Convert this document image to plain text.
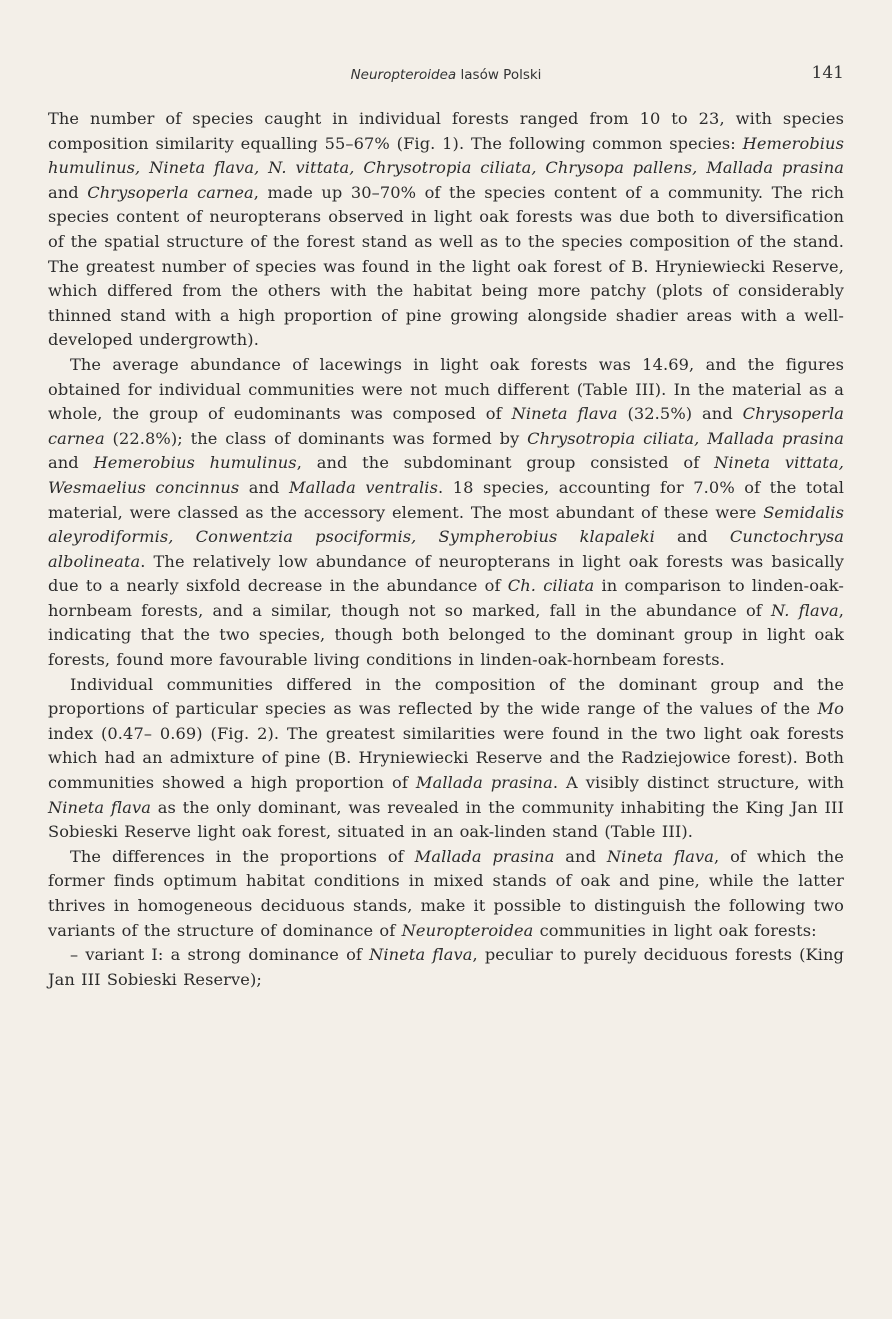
Neuropteroidea lasów Polski	141

The number of species caught in individual forests ranged from 10 to 23, with species composition similarity equalling 55–67% (Fig. 1). The following common species: Hemerobius humulinus, Nineta flava, N. vittata, Chrysotropia ciliata, Chrysopa pallens, Mallada prasina and Chrysoperla carnea, made up 30–70% of the species content of a community. The rich species content of neuropterans observed in light oak forests was due both to diversification of the spatial structure of the forest stand as well as to the species composition of the stand. The greatest number of species was found in the light oak forest of B. Hryniewiecki Reserve, which differed from the others with the habitat being more patchy (plots of considerably thinned stand with a high proportion of pine growing alongside shadier areas with a well-developed undergrowth).

The average abundance of lacewings in light oak forests was 14.69, and the figures obtained for individual communities were not much different (Table III). In the material as a whole, the group of eudominants was composed of Nineta flava (32.5%) and Chrysoperla carnea (22.8%); the class of dominants was formed by Chrysotropia ciliata, Mallada prasina and Hemerobius humulinus, and the subdominant group consisted of Nineta vittata, Wesmaelius concinnus and Mallada ventralis. 18 species, accounting for 7.0% of the total material, were classed as the accessory element. The most abundant of these were Semidalis aleyrodiformis, Conwentzia psociformis, Sympherobius klapaleki and Cunctochrysa albolineata. The relatively low abundance of neuropterans in light oak forests was basically due to a nearly sixfold decrease in the abundance of Ch. ciliata in comparison to linden-oak-hornbeam forests, and a similar, though not so marked, fall in the abundance of N. flava, indicating that the two species, though both belonged to the dominant group in light oak forests, found more favourable living conditions in linden-oak-hornbeam forests.

Individual communities differed in the composition of the dominant group and the proportions of particular species as was reflected by the wide range of the values of the Mo index (0.47– 0.69) (Fig. 2). The greatest similarities were found in the two light oak forests which had an admixture of pine (B. Hryniewiecki Reserve and the Radziejowice forest). Both communities showed a high proportion of Mallada prasina. A visibly distinct structure, with Nineta flava as the only dominant, was revealed in the community inhabiting the King Jan III Sobieski Reserve light oak forest, situated in an oak-linden stand (Table III).

The differences in the proportions of Mallada prasina and Nineta flava, of which the former finds optimum habitat conditions in mixed stands of oak and pine, while the latter thrives in homogeneous deciduous stands, make it possible to distinguish the following two variants of the structure of dominance of Neuropteroidea communities in light oak forests:

– variant I: a strong dominance of Nineta flava, peculiar to purely deciduous forests (King Jan III Sobieski Reserve);
